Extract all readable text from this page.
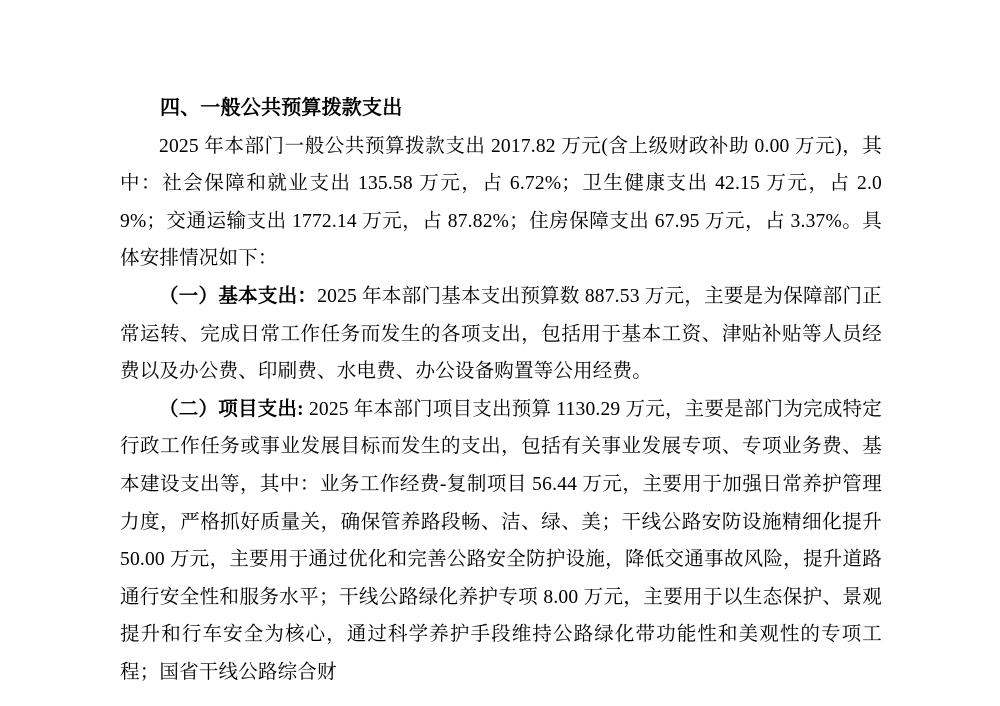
四、一般公共预算拨款支出

2025 年本部门一般公共预算拨款支出 2017.82 万元(含上级财政补助 0.00 万元)，其中：社会保障和就业支出 135.58 万元，占 6.72%；卫生健康支出 42.15 万元，占 2.09%；交通运输支出 1772.14 万元，占 87.82%；住房保障支出 67.95 万元，占 3.37%。具体安排情况如下：

（一）基本支出：2025 年本部门基本支出预算数 887.53 万元，主要是为保障部门正常运转、完成日常工作任务而发生的各项支出，包括用于基本工资、津贴补贴等人员经费以及办公费、印刷费、水电费、办公设备购置等公用经费。

（二）项目支出: 2025 年本部门项目支出预算 1130.29 万元，主要是部门为完成特定行政工作任务或事业发展目标而发生的支出，包括有关事业发展专项、专项业务费、基本建设支出等，其中：业务工作经费-复制项目 56.44 万元，主要用于加强日常养护管理力度，严格抓好质量关，确保管养路段畅、洁、绿、美；干线公路安防设施精细化提升 50.00 万元，主要用于通过优化和完善公路安全防护设施，降低交通事故风险，提升道路通行安全性和服务水平；干线公路绿化养护专项 8.00 万元，主要用于以生态保护、景观提升和行车安全为核心，通过科学养护手段维持公路绿化带功能性和美观性的专项工程；国省干线公路综合财
